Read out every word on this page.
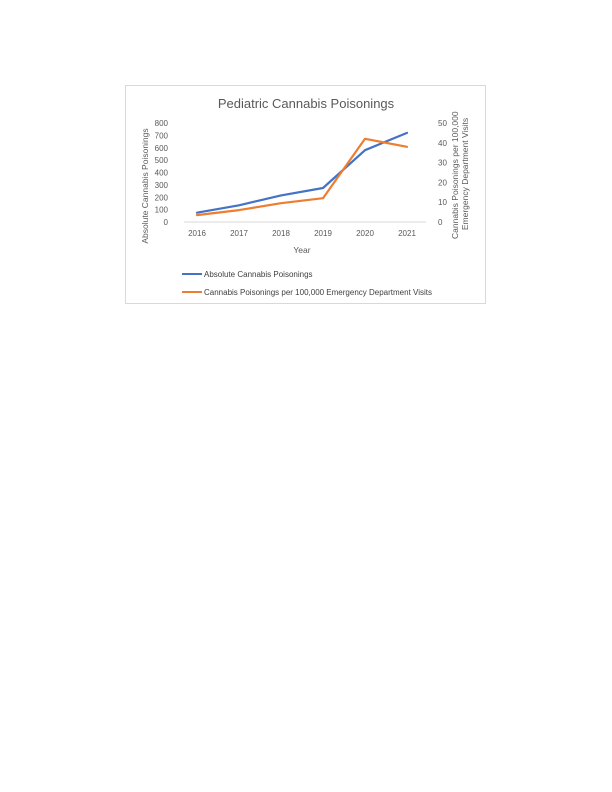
Pediatric Cannabis Poisonings
0
100
200
300
400
500
600
700
800
0
10
20
30
40
50
2016	2017	2018	2019	2020	2021
Year
Absolute Cannabis Poisonings	Cannabis Poisonings per 100,000 Emergency Department Visits
Absolute Cannabis Poisonings
Cannabis Poisonings per 100,000 Emergency Department Visits
